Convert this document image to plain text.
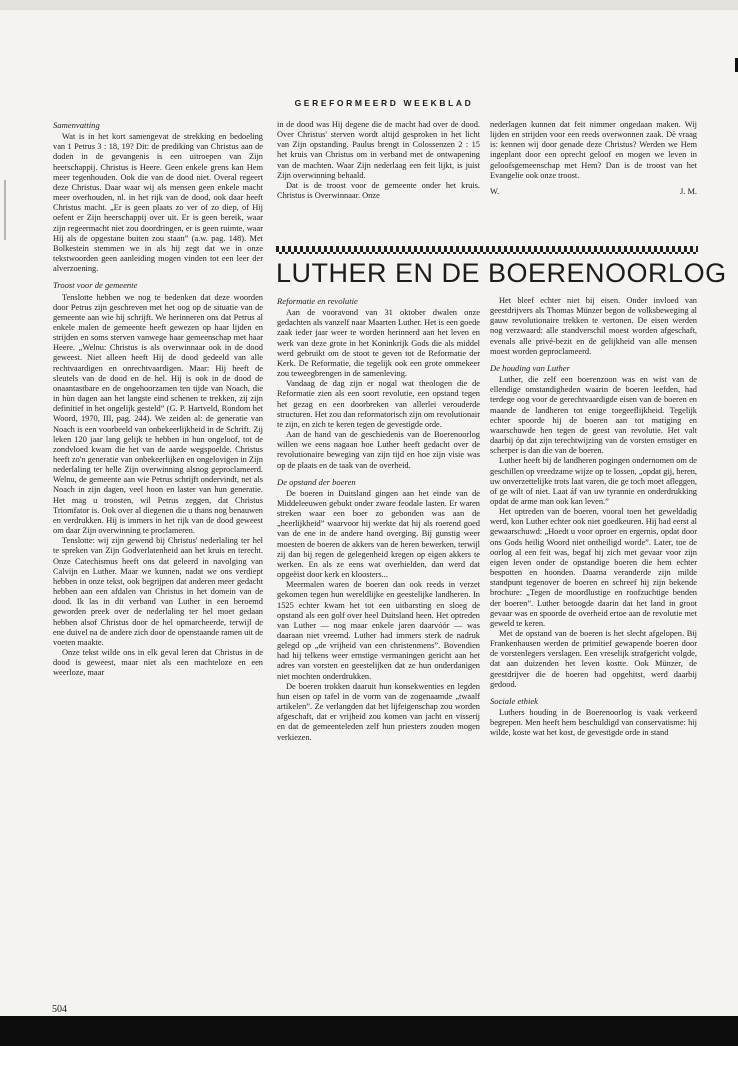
GEREFORMEERD WEEKBLAD
Samenvatting

Wat is in het kort samengevat de strekking en bedoeling van 1 Petrus 3 : 18, 19? Dit: de prediking van Christus aan de doden in de gevangenis is een uitroepen van Zijn heerschappij. Christus is Heere. Geen enkele grens kan Hem meer tegenhouden. Ook die van de dood niet. Overal regeert deze Christus. Daar waar wij als mensen geen enkele macht meer overhouden, nl. in het rijk van de dood, ook daar heeft Christus macht. „Er is geen plaats zo ver of zo diep, of Hij oefent er Zijn heerschappij over uit. Er is geen bereik, waar zijn regeermacht niet zou doordringen, er is geen ruimte, waar Hij als de opgestane buiten zou staan” (a.w. pag. 148). Met Bolkestein stemmen we in als hij zegt dat we in onze tekstwoorden geen aanleiding mogen vinden tot een leer der alverzoening.

Troost voor de gemeente

Tenslotte hebben we nog te bedenken dat deze woorden door Petrus zijn geschreven met het oog op de situatie van de gemeente aan wie hij schrijft. We herinneren ons dat Petrus al enkele malen de gemeente heeft gewezen op haar lijden en strijden en soms sterven vanwege haar gemeenschap met haar Heere. „Welnu: Christus is als overwinnaar ook in de dood geweest. Niet alleen heeft Hij de dood gedeeld van alle rechtvaardigen en onrechtvaardigen. Maar: Hij heeft de sleutels van de dood en de hel. Hij is ook in de dood de onaantastbare en de ongehoorzamen ten tijde van Noach, die in hùn dagen aan het langste eind schenen te trekken, zij zijn definitief in het ongelijk gesteld” (G. P. Hartveld, Rondom het Woord, 1970, III, pag. 244). We zeiden al: de generatie van Noach is een voorbeeld van onbekeerlijkheid in de Schrift. Zij leken 120 jaar lang gelijk te hebben in hun ongeloof, tot de zondvloed kwam die het van de aarde wegspoelde. Christus heeft zo'n generatie van onbekeerlijken en ongelovigen in Zijn nederlaling ter helle Zijn overwinning alsnog geproclameerd. Welnu, de gemeente aan wie Petrus schrijft ondervindt, net als Noach in zijn dagen, veel hoon en laster van hun generatie. Het mag u troosten, wil Petrus zeggen, dat Christus Triomfator is. Ook over al diegenen die u thans nog benauwen en verdrukken. Hij is immers in het rijk van de dood geweest om daar Zijn overwinning te proclameren.

Tenslotte: wij zijn gewend bij Christus' nederlaling ter hel te spreken van Zijn Godverlatenheid aan het kruis en terecht. Onze Catechismus heeft ons dat geleerd in navolging van Calvijn en Luther. Maar we kunnen, nadat we ons verdiept hebben in onze tekst, ook begrijpen dat anderen meer gedacht hebben aan een afdalen van Christus in het domein van de dood. Ik las in dit verband van Luther in een beroemd geworden preek over de nederlaling ter hel moet gedaan hebben alsof Christus door de hel opmarcheerde, terwijl de ene duivel na de andere zich door de openstaande ramen uit de voeten maakte.

Onze tekst wilde ons in elk geval leren dat Christus in de dood is geweest, maar niet als een machteloze en een weerloze, maar

in de dood was Hij degene die de macht had over de dood. Over Christus' sterven wordt altijd gesproken in het licht van Zijn opstanding. Paulus brengt in Colossenzen 2 : 15 het kruis van Christus om in verband met de ontwapening van de machten. Waar Zijn nederlaag een feit lijkt, is juist Zijn overwinning behaald.

Dat is de troost voor de gemeente onder het kruis. Christus is Overwinnaar. Onze

nederlagen kunnen dat feit nimmer ongedaan maken. Wij lijden en strijden voor een reeds overwonnen zaak. Dè vraag is: kennen wij door genade deze Christus? Werden we Hem ingeplant door een oprecht geloof en mogen we leven in geloofsgemeenschap met Hem? Dan is de troost van het Evangelie ook onze troost.

W.	J. M.
LUTHER EN DE BOERENOORLOG
Reformatie en revolutie

Aan de vooravond van 31 oktober dwalen onze gedachten als vanzelf naar Maarten Luther. Het is een goede zaak ieder jaar weer te worden herinnerd aan het leven en werk van deze grote in het Koninkrijk Gods die als middel werd gebruikt om de stoot te geven tot de Reformatie der Kerk. De Reformatie, die tegelijk ook een grote ommekeer zou teweegbrengen in de samenleving.

Vandaag de dag zijn er nogal wat theologen die de Reformatie zien als een soort revolutie, een opstand tegen het gezag en een doorbreken van allerlei verouderde structuren. Het zou dan reformatorisch zijn om revolutionair te zijn, en zich te keren tegen de gevestigde orde.

Aan de hand van de geschiedenis van de Boerenoorlog willen we eens nagaan hoe Luther heeft gedacht over de revolutionaire beweging van zijn tijd en hoe zijn visie was op de plaats en de taak van de overheid.

De opstand der boeren

De boeren in Duitsland gingen aan het einde van de Middeleeuwen gebukt onder zware feodale lasten. Er waren streken waar een boer zo gebonden was aan de „heerlijkheid” waarvoor hij werkte dat hij als roerend goed van de ene in de andere hand overging. Bij gunstig weer moesten de boeren de akkers van de heren bewerken, terwijl zij dan bij regen de gelegenheid kregen op eigen akkers te werken. En als ze eens wat overhielden, dan werd dat opgeëist door kerk en kloosters...

Meermalen waren de boeren dan ook reeds in verzet gekomen tegen hun wereldlijke en geestelijke landheren. In 1525 echter kwam het tot een uitbarsting en sloeg de opstand als een golf over heel Duitsland heen. Het optreden van Luther — nog maar enkele jaren daarvóór — was daaraan niet vreemd. Luther had immers sterk de nadruk gelegd op „de vrijheid van een christenmens”. Bovendien had hij telkens weer ernstige vermaningen gericht aan het adres van vorsten en geestelijken dat ze hun onderdanigen niet mochten onderdrukken.

De boeren trokken daaruit hun konsekwenties en legden hun eisen op tafel in de vorm van de zogenaamde „twaalf artikelen”. Ze verlangden dat het lijfeigenschap zou worden afgeschaft, dat er vrijheid zou komen van jacht en visserij en dat de gemeenteleden zelf hun priesters zouden mogen verkiezen.

Het bleef echter niet bij eisen. Onder invloed van geestdrijvers als Thomas Münzer begon de volksbeweging al gauw revolutionaire trekken te vertonen. De eisen werden nog verzwaard: alle standverschil moest worden afgeschaft, evenals alle privé-bezit en de gelijkheid van alle mensen moest worden geproclameerd.

De houding van Luther

Luther, die zelf een boerenzoon was en wist van de ellendige omstandigheden waarin de boeren leefden, had terdege oog voor de gerechtvaardigde eisen van de boeren en maande de landheren tot enige toegeeflijkheid. Tegelijk echter spoorde hij de boeren aan tot matiging en waarschuwde hen tegen de geest van revolutie. Het valt daarbij óp dat zijn terechtwijzing van de vorsten ernstiger en scherper is dan die van de boeren.

Luther heeft bij de landheren pogingen ondernomen om de geschillen op vreedzame wijze op te lossen, „opdat gij, heren, uw onverzettelijke trots laat varen, die ge toch moet afleggen, of ge wilt of niet. Laat áf van uw tyrannie en onderdrukking opdat de arme man ook kan leven.”

Het optreden van de boeren, vooral toen het geweldadig werd, kon Luther echter ook niet goedkeuren. Hij had eerst al gewaarschuwd: „Hoedt u voor oproer en ergernis, opdat door ons Gods heilig Woord niet ontheiligd worde”. Later, toe de oorlog al een feit was, begaf hij zich met gevaar voor zijn eigen leven onder de opstandige boeren die hem echter bespotten en hoonden. Daarna veranderde zijn milde standpunt tegenover de boeren en schreef hij zijn bekende brochure: „Tegen de moordlustige en roofzuchtige benden der boeren”. Luther betoogde daarin dat het land in groot gevaar was en spoorde de overheid ertoe aan de revolutie met geweld te keren.

Met de opstand van de boeren is het slecht afgelopen. Bij Frankenhausen werden de primitief gewapende boeren door de vorstenlegers verslagen. Een vreselijk strafgericht volgde, dat aan duizenden het leven kostte. Ook Münzer, de geestdrijver die de boeren had opgehitst, werd daarbij gedood.

Sociale ethiek

Luthers houding in de Boerenoorlog is vaak verkeerd begrepen. Men heeft hem beschuldigd van conservatisme: hij wilde, koste wat het kost, de gevestigde orde in stand

504
